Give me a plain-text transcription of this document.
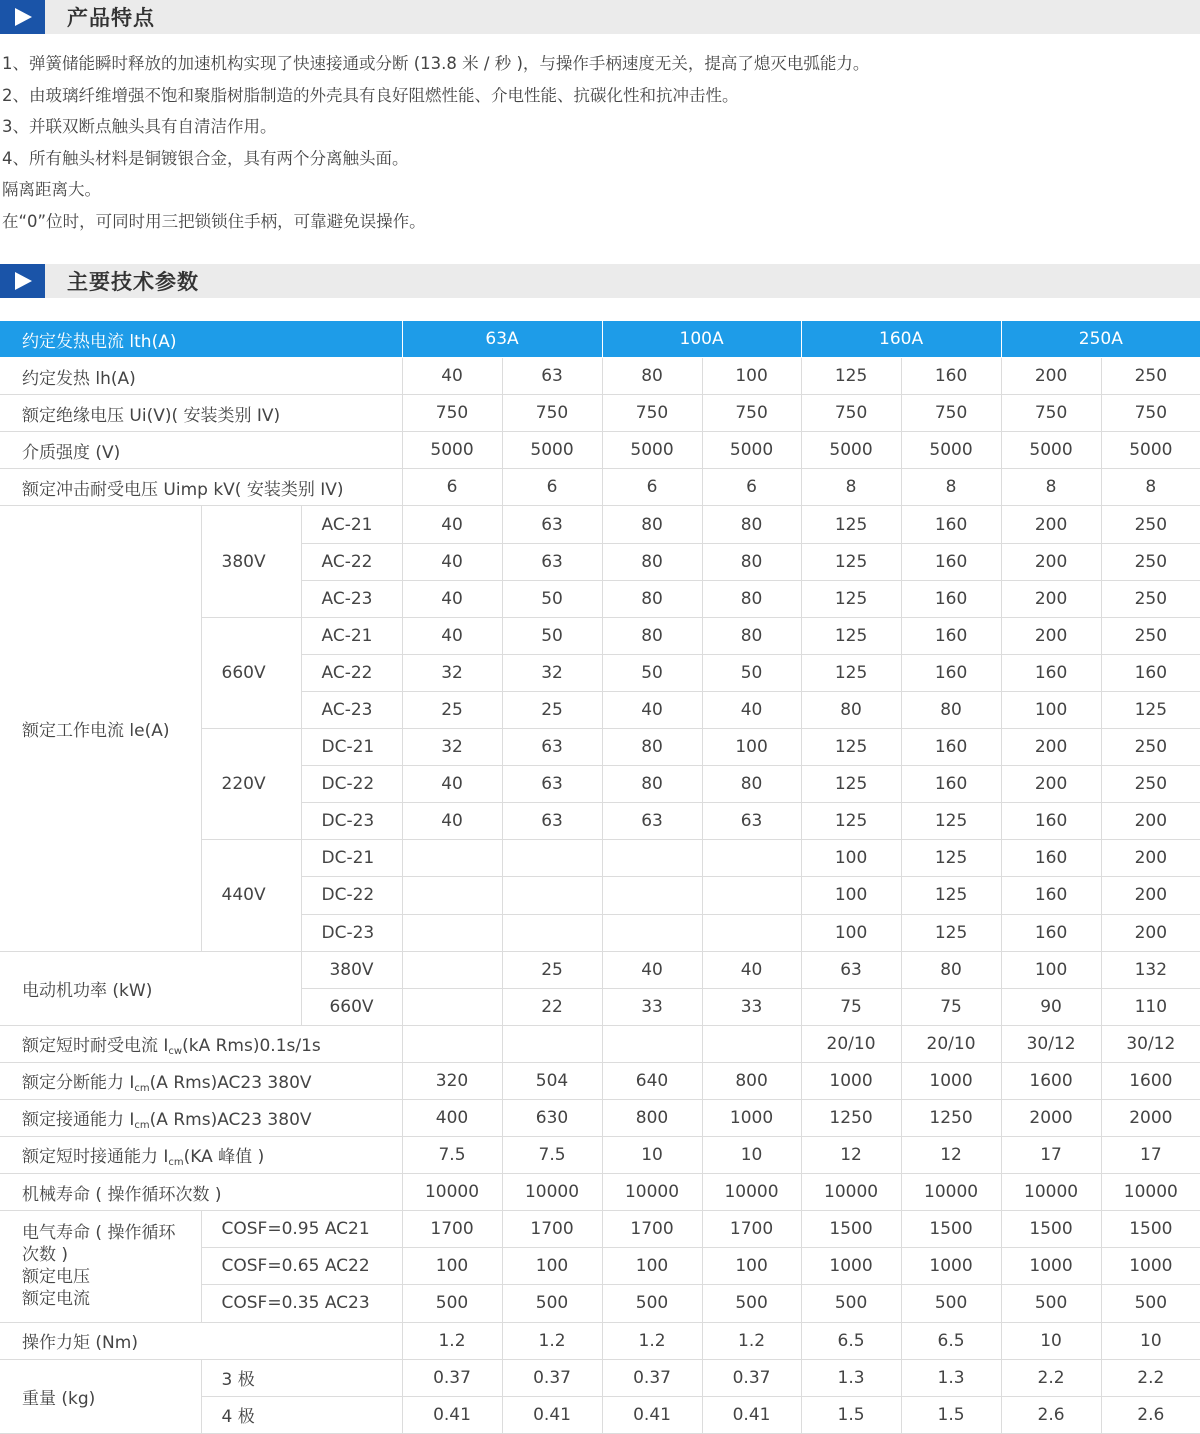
产品特点
1、弹簧储能瞬时释放的加速机构实现了快速接通或分断 (13.8 米 / 秒 )，与操作手柄速度无关，提高了熄灭电弧能力。
2、由玻璃纤维增强不饱和聚脂树脂制造的外壳具有良好阻燃性能、介电性能、抗碳化性和抗冲击性。
3、并联双断点触头具有自清洁作用。
4、所有触头材料是铜镀银合金，具有两个分离触头面。
隔离距离大。
在“0”位时，可同时用三把锁锁住手柄，可靠避免误操作。
主要技术参数
约定发热电流 lth(A)			63A		100A		160A		250A	
约定发热 lh(A)			40	63	80	100	125	160	200	250
额定绝缘电压 Ui(V)( 安装类别 IV)			750	750	750	750	750	750	750	750
介质强度 (V)			5000	5000	5000	5000	5000	5000	5000	5000
额定冲击耐受电压 Uimp kV( 安装类别 IV)			6	6	6	6	8	8	8	8
额定工作电流 le(A)	380V	AC-21	40	63	80	80	125	160	200	250
		AC-22	40	63	80	80	125	160	200	250
		AC-23	40	50	80	80	125	160	200	250
	660V	AC-21	40	50	80	80	125	160	200	250
		AC-22	32	32	50	50	125	160	160	160
		AC-23	25	25	40	40	80	80	100	125
	220V	DC-21	32	63	80	100	125	160	200	250
		DC-22	40	63	80	80	125	160	200	250
		DC-23	40	63	63	63	125	125	160	200
	440V	DC-21					100	125	160	200
		DC-22					100	125	160	200
		DC-23					100	125	160	200
电动机功率 (kW)		380V		25	40	40	63	80	100	132
		660V		22	33	33	75	75	90	110
额定短时耐受电流 $I_{cw}(kA$ Rms)0.1s/1s							20/10	20/10	30/12	30/12
额定分断能力 $I_{cm}(A$ Rms)AC23 380V			320	504	640	800	1000	1000	1600	1600
额定接通能力 $I_{cm}(A$ Rms)AC23 380V			400	630	800	1000	1250	1250	2000	2000
额定短时接通能力 $I_{cm}(KA$ 峰值 )			7.5	7.5	10	10	12	12	17	17
机械寿命 ( 操作循环次数 )			10000	10000	10000	10000	10000	10000	10000	10000

电气寿命 ( 操作循环
次数 )
额定电压
额定电流	COSF=0.95 AC21		1700	1700	1700	1700	1500	1500	1500	1500
	COSF=0.65 AC22		100	100	100	100	1000	1000	1000	1000
	COSF=0.35 AC23		500	500	500	500	500	500	500	500
操作力矩 (Nm)			1.2	1.2	1.2	1.2	6.5	6.5	10	10
重量 (kg)	3 极		0.37	0.37	0.37	0.37	1.3	1.3	2.2	2.2
	4 极		0.41	0.41	0.41	0.41	1.5	1.5	2.6	2.6
